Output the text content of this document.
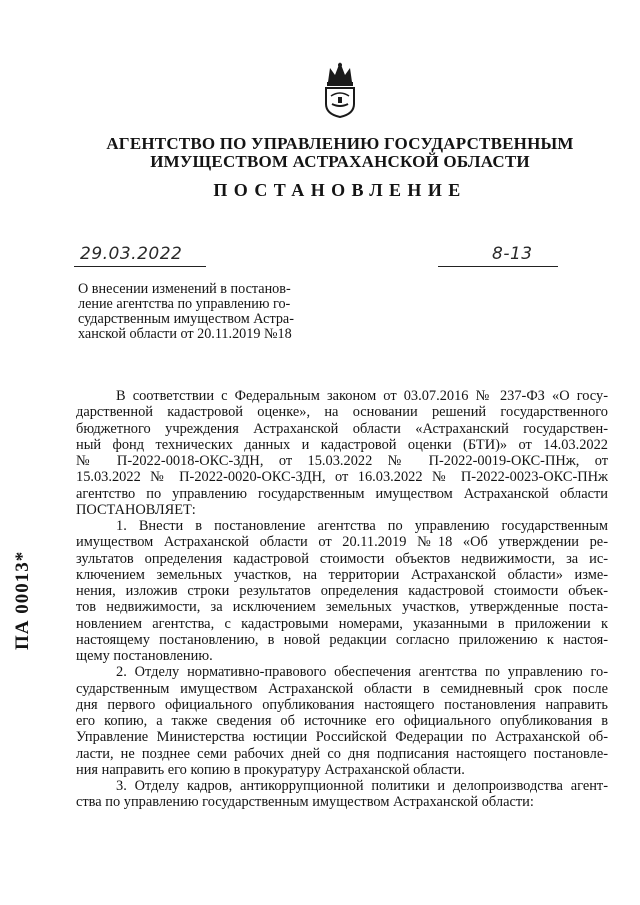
АГЕНТСТВО ПО УПРАВЛЕНИЮ ГОСУДАРСТВЕННЫМ
ИМУЩЕСТВОМ АСТРАХАНСКОЙ ОБЛАСТИ
ПОСТАНОВЛЕНИЕ
29.03.2022	8-13
О внесении изменений в постанов-
ление агентства по управлению го-
сударственным имуществом Астра-
ханской области от 20.11.2019 №18
В соответствии с Федеральным законом от 03.07.2016 № 237-ФЗ «О госу-
дарственной кадастровой оценке», на основании решений государственного
бюджетного учреждения Астраханской области «Астраханский государствен-
ный фонд технических данных и кадастровой оценки (БТИ)» от 14.03.2022
№ П-2022-0018-ОКС-ЗДН, от 15.03.2022 № П-2022-0019-ОКС-ПНж, от
15.03.2022 № П-2022-0020-ОКС-ЗДН, от 16.03.2022 № П-2022-0023-ОКС-ПНж
агентство по управлению государственным имуществом Астраханской области
ПОСТАНОВЛЯЕТ:
1. Внести в постановление агентства по управлению государственным
имуществом Астраханской области от 20.11.2019 №18 «Об утверждении ре-
зультатов определения кадастровой стоимости объектов недвижимости, за ис-
ключением земельных участков, на территории Астраханской области» изме-
нения, изложив строки результатов определения кадастровой стоимости объек-
тов недвижимости, за исключением земельных участков, утвержденные поста-
новлением агентства, с кадастровыми номерами, указанными в приложении к
настоящему постановлению, в новой редакции согласно приложению к настоя-
щему постановлению.
2. Отделу нормативно-правового обеспечения агентства по управлению го-
сударственным имуществом Астраханской области в семидневный срок после
дня первого официального опубликования настоящего постановления направить
его копию, а также сведения об источнике его официального опубликования в
Управление Министерства юстиции Российской Федерации по Астраханской об-
ласти, не позднее семи рабочих дней со дня подписания настоящего постановле-
ния направить его копию в прокуратуру Астраханской области.
3. Отделу кадров, антикоррупционной политики и делопроизводства агент-
ства по управлению государственным имуществом Астраханской области:
ПА 00013*
